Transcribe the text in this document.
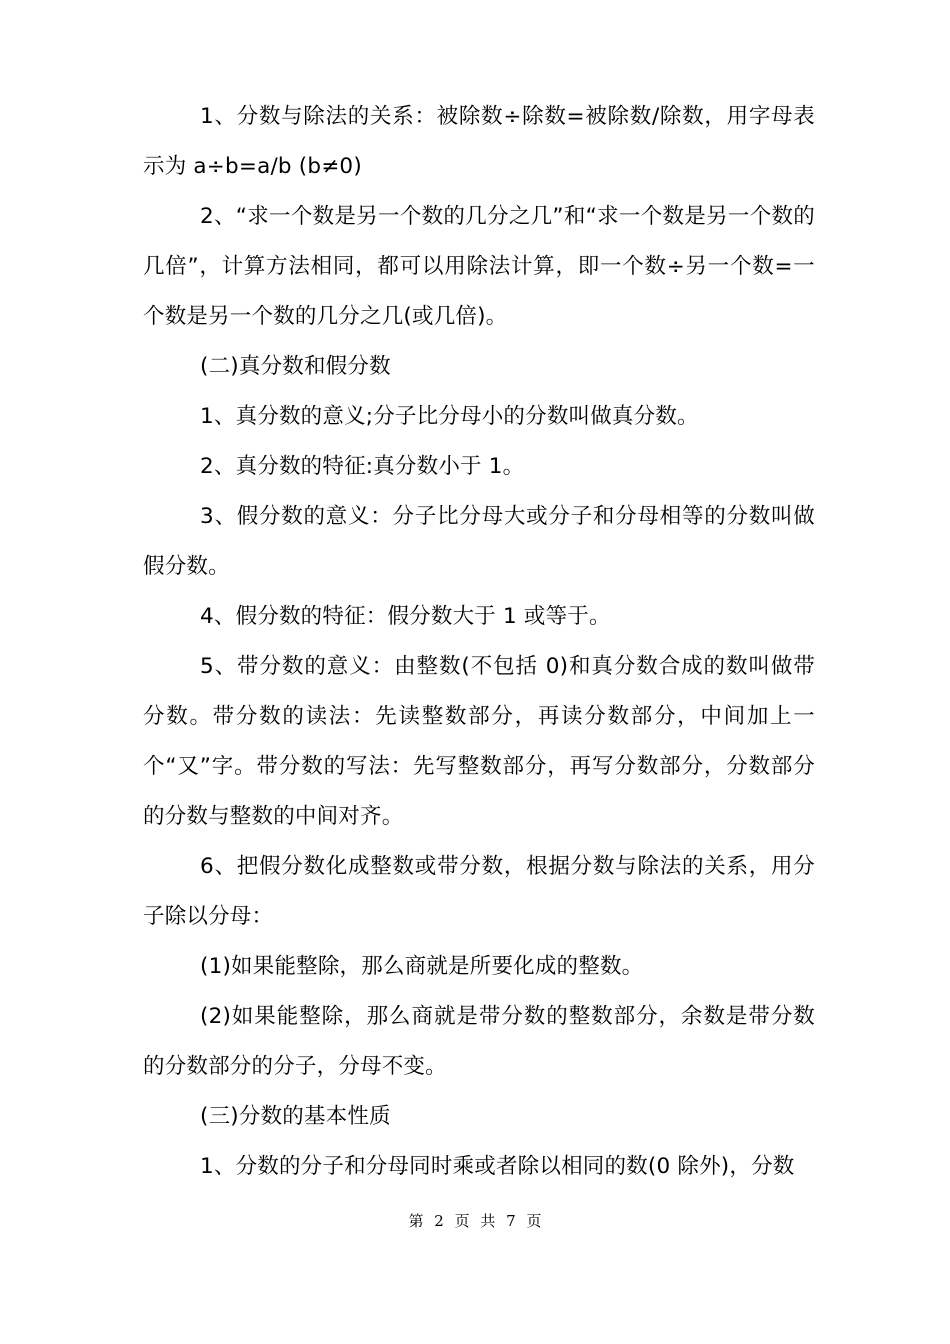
1、分数与除法的关系：被除数÷除数=被除数/除数，用字母表示为 a÷b=a/b (b≠0)

2、“求一个数是另一个数的几分之几”和“求一个数是另一个数的几倍”，计算方法相同，都可以用除法计算，即一个数÷另一个数=一个数是另一个数的几分之几(或几倍)。

(二)真分数和假分数

1、真分数的意义;分子比分母小的分数叫做真分数。

2、真分数的特征:真分数小于 1。

3、假分数的意义：分子比分母大或分子和分母相等的分数叫做假分数。

4、假分数的特征：假分数大于 1 或等于。

5、带分数的意义：由整数(不包括 0)和真分数合成的数叫做带分数。带分数的读法：先读整数部分，再读分数部分，中间加上一个“又”字。带分数的写法：先写整数部分，再写分数部分，分数部分的分数与整数的中间对齐。

6、把假分数化成整数或带分数，根据分数与除法的关系，用分子除以分母：

(1)如果能整除，那么商就是所要化成的整数。

(2)如果能整除，那么商就是带分数的整数部分，余数是带分数的分数部分的分子，分母不变。

(三)分数的基本性质

1、分数的分子和分母同时乘或者除以相同的数(0 除外)，分数

第 2 页 共 7 页
